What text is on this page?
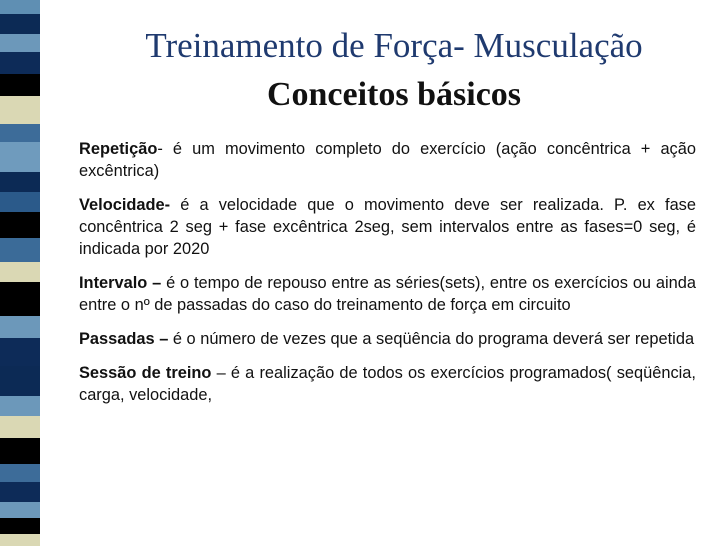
Treinamento de Força- Musculação
Conceitos básicos

Repetição- é um movimento completo do exercício (ação concêntrica + ação excêntrica)

Velocidade- é a velocidade que o movimento deve ser realizada. P. ex fase concêntrica 2 seg + fase excêntrica 2seg, sem intervalos entre as fases=0 seg, é indicada por 2020

Intervalo – é o tempo de repouso entre as séries(sets), entre os exercícios ou ainda entre o nº de passadas do caso do treinamento de força em circuito

Passadas – é o número de vezes que a seqüência do programa deverá ser repetida

Sessão de treino – é a realização de todos os exercícios programados( seqüência, carga, velocidade,
